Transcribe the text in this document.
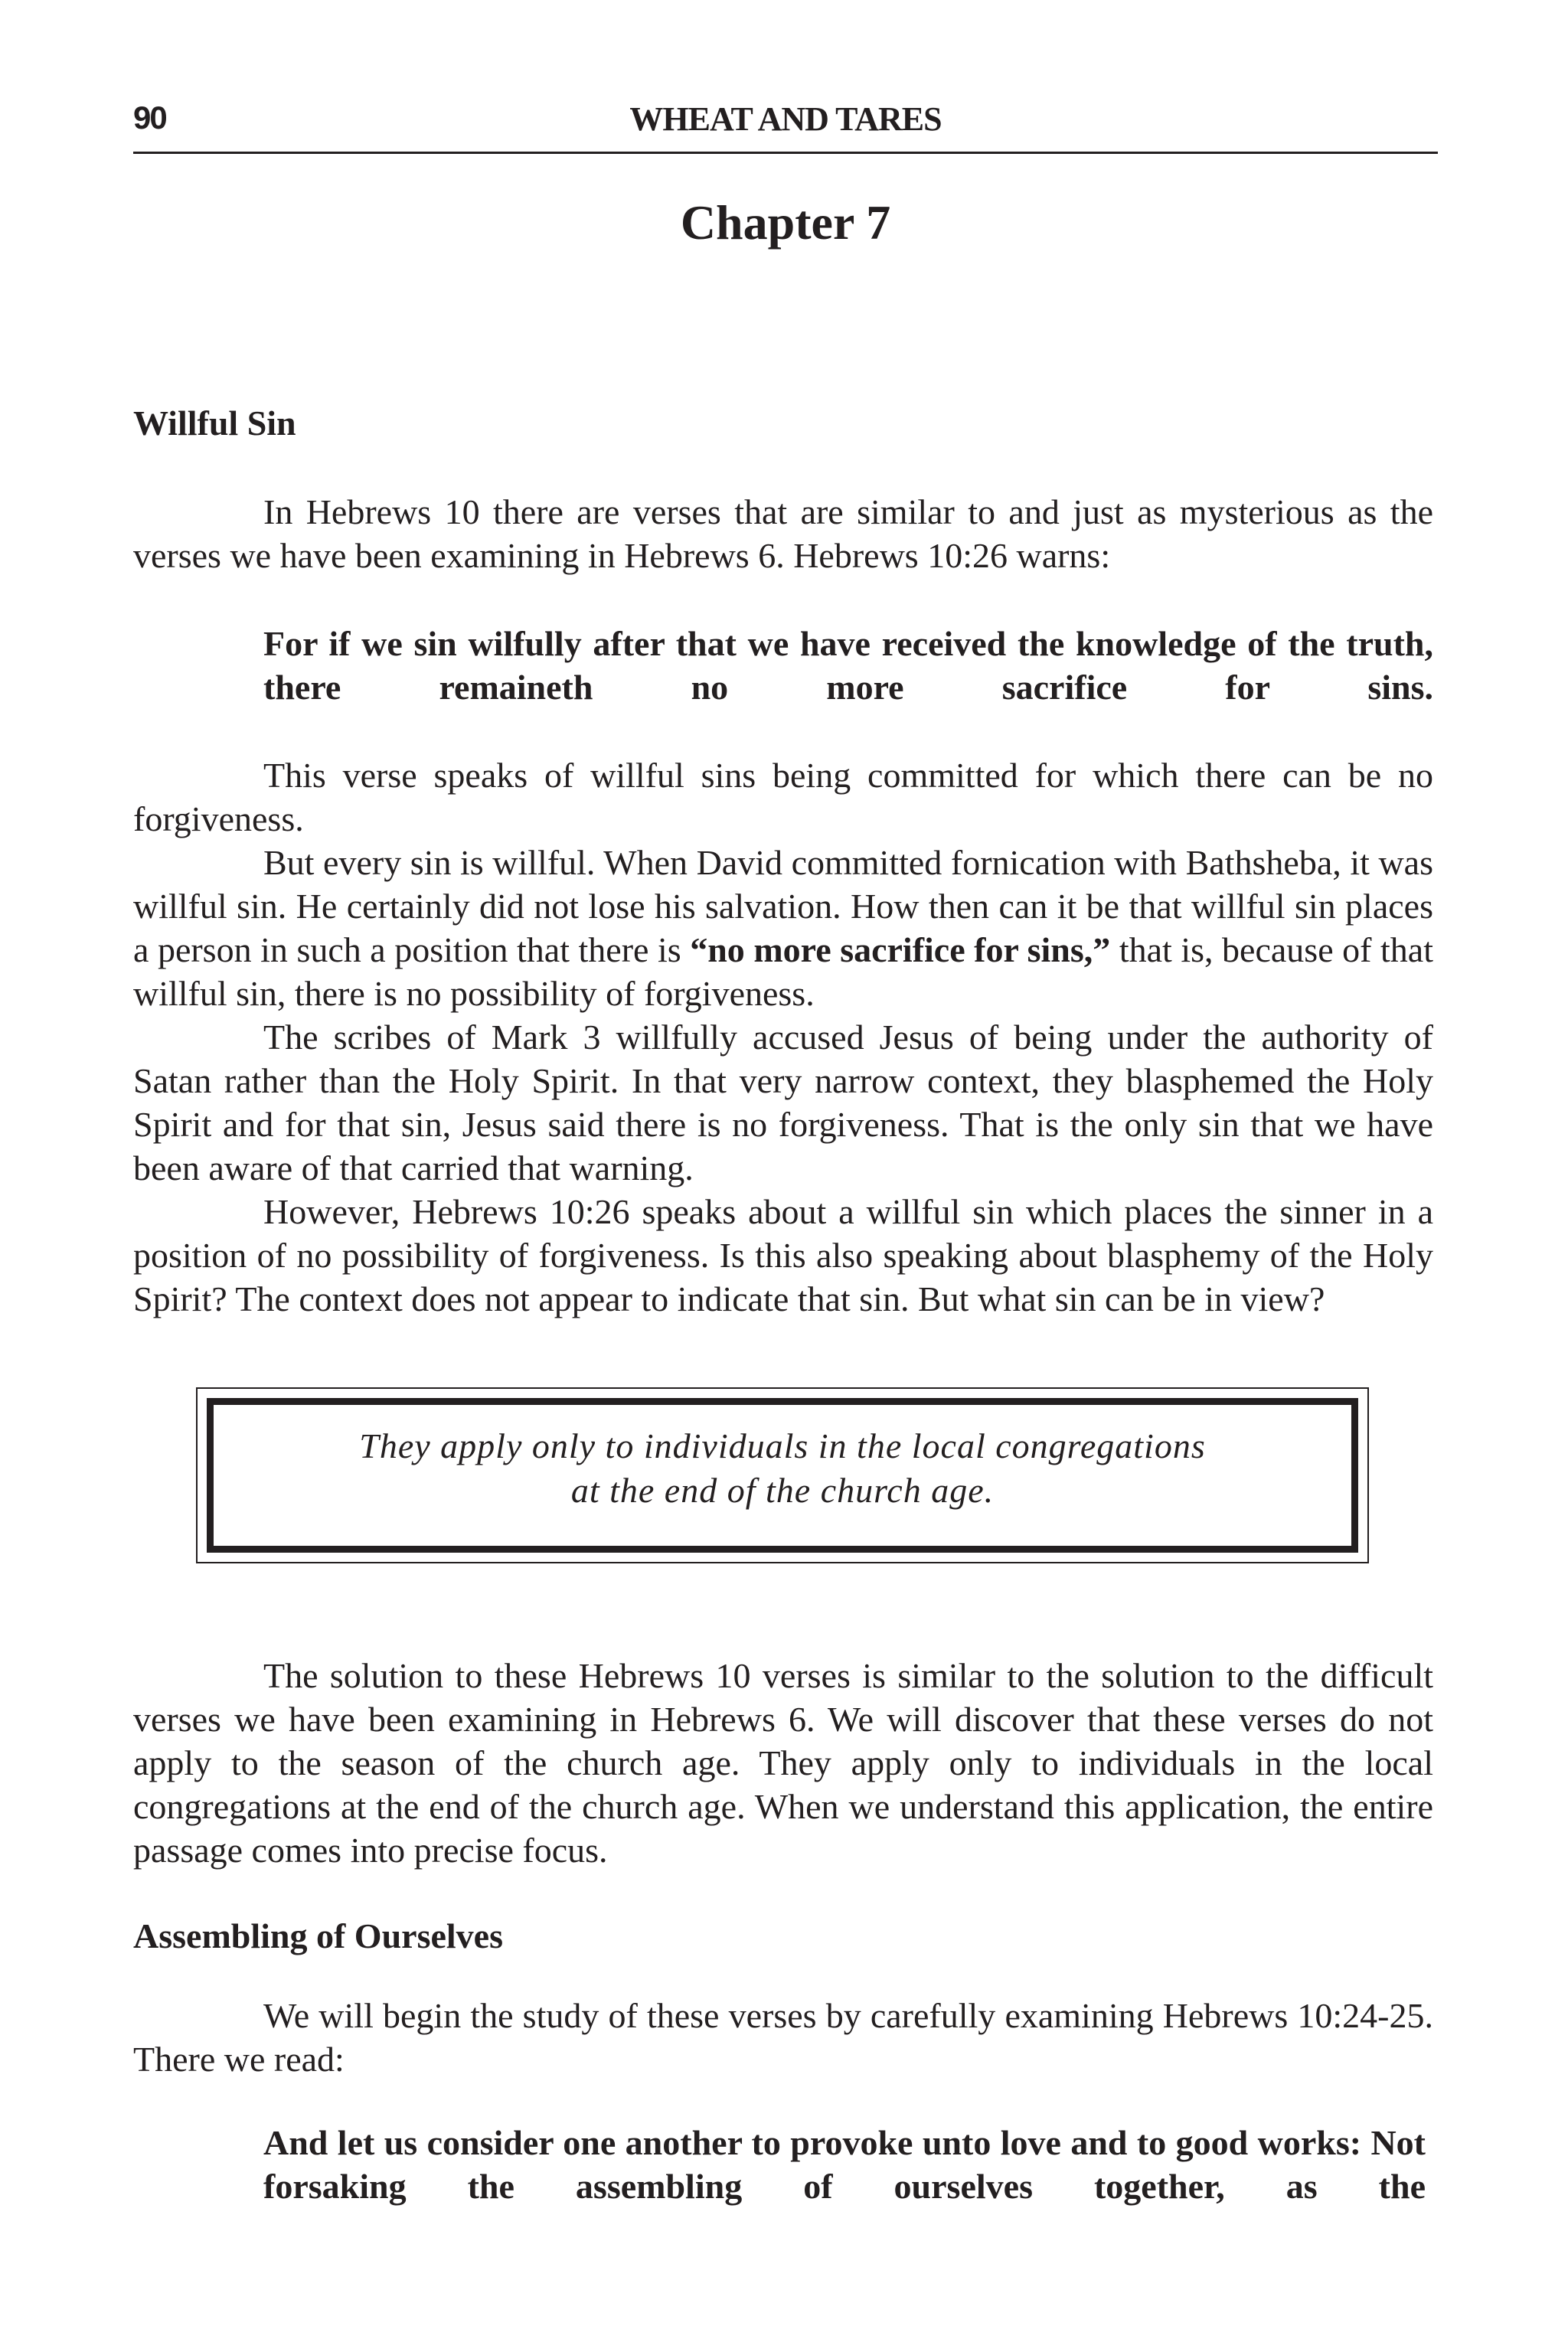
90	WHEAT AND TARES
Chapter 7
Willful Sin
In Hebrews 10 there are verses that are similar to and just as mysterious as the verses we have been examining in Hebrews 6. Hebrews 10:26 warns:
For if we sin wilfully after that we have received the knowledge of the truth, there remaineth no more sacrifice for sins.
This verse speaks of willful sins being committed for which there can be no forgiveness.
But every sin is willful. When David committed fornication with Bathsheba, it was willful sin. He certainly did not lose his salvation. How then can it be that willful sin places a person in such a position that there is “no more sacrifice for sins,” that is, because of that willful sin, there is no possibility of forgiveness.
The scribes of Mark 3 willfully accused Jesus of being under the authority of Satan rather than the Holy Spirit. In that very narrow context, they blasphemed the Holy Spirit and for that sin, Jesus said there is no forgiveness. That is the only sin that we have been aware of that carried that warning.
However, Hebrews 10:26 speaks about a willful sin which places the sinner in a position of no possibility of forgiveness. Is this also speaking about blasphemy of the Holy Spirit? The context does not appear to indicate that sin. But what sin can be in view?
They apply only to individuals in the local congregations
at the end of the church age.
The solution to these Hebrews 10 verses is similar to the solution to the difficult verses we have been examining in Hebrews 6. We will discover that these verses do not apply to the season of the church age. They apply only to individuals in the local congregations at the end of the church age. When we understand this application, the entire passage comes into precise focus.
Assembling of Ourselves
We will begin the study of these verses by carefully examining Hebrews 10:24-25. There we read:
And let us consider one another to provoke unto love and to good works: Not forsaking the assembling of ourselves together, as the
